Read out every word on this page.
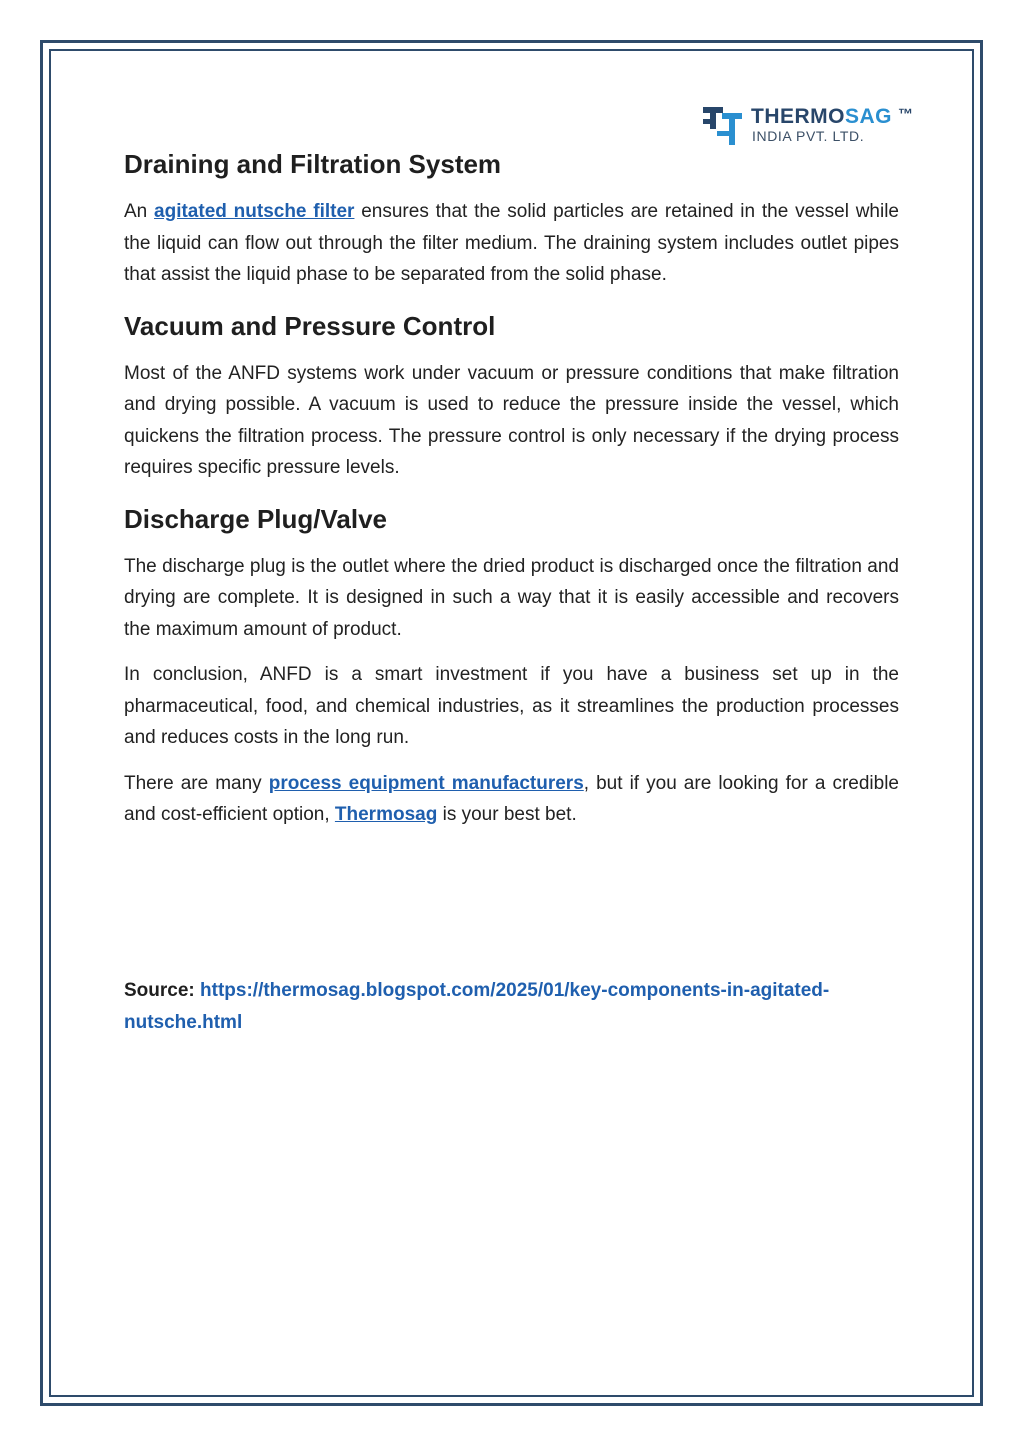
THERMOSAG ™
INDIA PVT. LTD.
Draining and Filtration System

An agitated nutsche filter ensures that the solid particles are retained in the vessel while the liquid can flow out through the filter medium. The draining system includes outlet pipes that assist the liquid phase to be separated from the solid phase.

Vacuum and Pressure Control

Most of the ANFD systems work under vacuum or pressure conditions that make filtration and drying possible. A vacuum is used to reduce the pressure inside the vessel, which quickens the filtration process. The pressure control is only necessary if the drying process requires specific pressure levels.

Discharge Plug/Valve

The discharge plug is the outlet where the dried product is discharged once the filtration and drying are complete. It is designed in such a way that it is easily accessible and recovers the maximum amount of product.

In conclusion, ANFD is a smart investment if you have a business set up in the pharmaceutical, food, and chemical industries, as it streamlines the production processes and reduces costs in the long run.

There are many process equipment manufacturers, but if you are looking for a credible and cost-efficient option, Thermosag is your best bet.

Source: https://thermosag.blogspot.com/2025/01/key-components-in-agitated-nutsche.html
